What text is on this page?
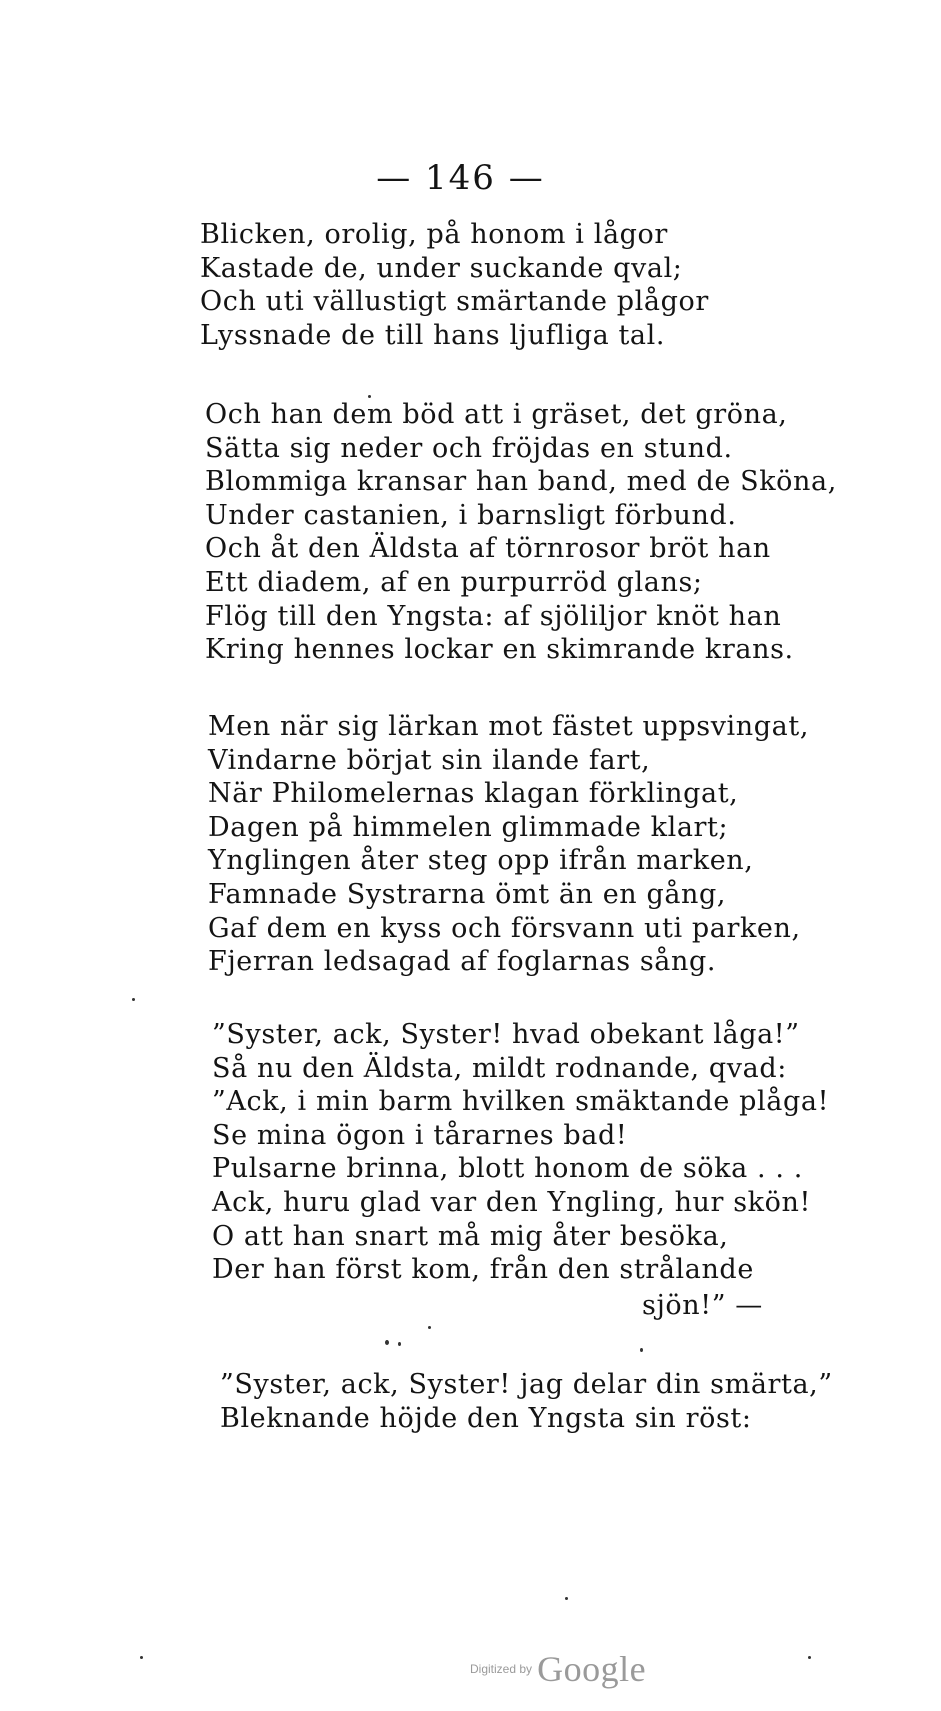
— 146 —
Blicken, orolig, på honom i lågor
Kastade de, under suckande qval;
Och uti vällustigt smärtande plågor
Lyssnade de till hans ljufliga tal.
Och han dem böd att i gräset, det gröna,
Sätta sig neder och fröjdas en stund.
Blommiga kransar han band, med de Sköna,
Under castanien, i barnsligt förbund.
Och åt den Äldsta af törnrosor bröt han
Ett diadem, af en purpurröd glans;
Flög till den Yngsta: af sjöliljor knöt han
Kring hennes lockar en skimrande krans.
Men när sig lärkan mot fästet uppsvingat,
Vindarne börjat sin ilande fart,
När Philomelernas klagan förklingat,
Dagen på himmelen glimmade klart;
Ynglingen åter steg opp ifrån marken,
Famnade Systrarna ömt än en gång,
Gaf dem en kyss och försvann uti parken,
Fjerran ledsagad af foglarnas sång.
”Syster, ack, Syster! hvad obekant låga!”
Så nu den Äldsta, mildt rodnande, qvad:
”Ack, i min barm hvilken smäktande plåga!
Se mina ögon i tårarnes bad!
Pulsarne brinna, blott honom de söka . . .
Ack, huru glad var den Yngling, hur skön!
O att han snart må mig åter besöka,
Der han först kom, från den strålande
sjön!” —
”Syster, ack, Syster! jag delar din smärta,”
Bleknande höjde den Yngsta sin röst:
Digitized by Google
